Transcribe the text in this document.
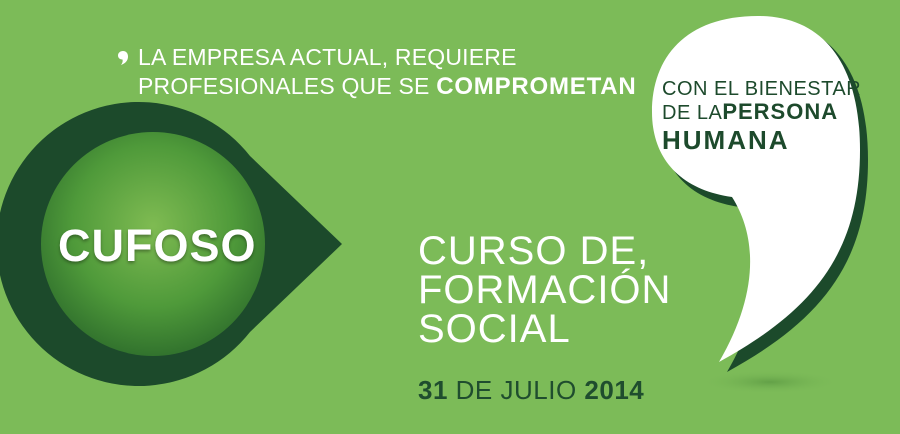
LA EMPRESA ACTUAL, REQUIERE
PROFESIONALES QUE SE COMPROMETAN CON EL BIENESTAR
DE LAPERSONA
HUMANA
CUFOSO	CURSO DE,
FORMACIÓN
SOCIAL
31 DE JULIO 2014
